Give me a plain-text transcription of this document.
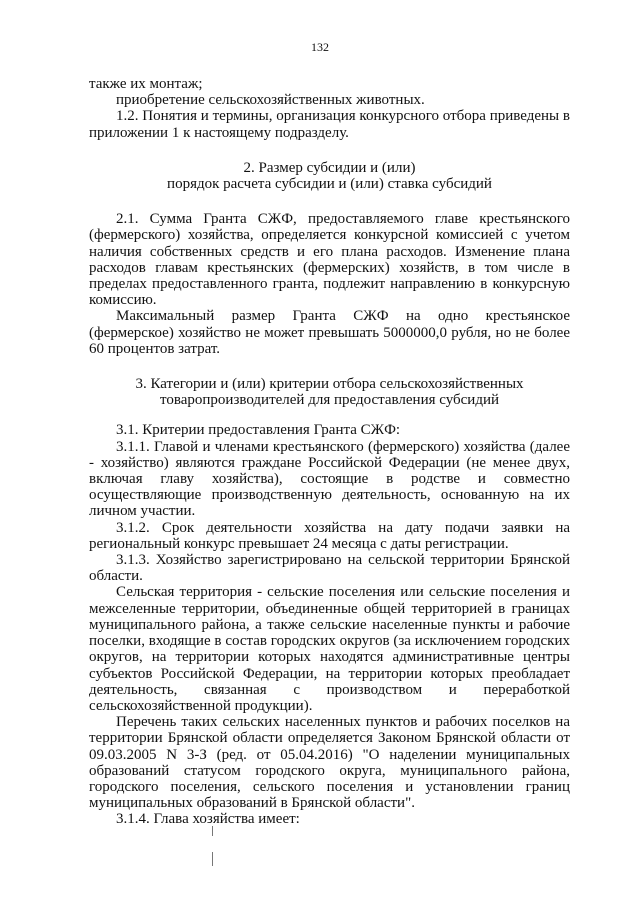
132

также их монтаж;

приобретение сельскохозяйственных животных.

1.2. Понятия и термины, организация конкурсного отбора приведены в приложении 1 к настоящему подразделу.

2. Размер субсидии и (или)
порядок расчета субсидии и (или) ставка субсидий

2.1. Сумма Гранта СЖФ, предоставляемого главе крестьянского (фермерского) хозяйства, определяется конкурсной комиссией с учетом наличия собственных средств и его плана расходов. Изменение плана расходов главам крестьянских (фермерских) хозяйств, в том числе в пределах предоставленного гранта, подлежит направлению в конкурсную комиссию.

Максимальный размер Гранта СЖФ на одно крестьянское (фермерское) хозяйство не может превышать 5000000,0 рубля, но не более 60 процентов затрат.

3. Категории и (или) критерии отбора сельскохозяйственных
товаропроизводителей для предоставления субсидий

3.1. Критерии предоставления Гранта СЖФ:

3.1.1. Главой и членами крестьянского (фермерского) хозяйства (далее - хозяйство) являются граждане Российской Федерации (не менее двух, включая главу хозяйства), состоящие в родстве и совместно осуществляющие производственную деятельность, основанную на их личном участии.

3.1.2. Срок деятельности хозяйства на дату подачи заявки на региональный конкурс превышает 24 месяца с даты регистрации.

3.1.3. Хозяйство зарегистрировано на сельской территории Брянской области.

Сельская территория - сельские поселения или сельские поселения и межселенные территории, объединенные общей территорией в границах муниципального района, а также сельские населенные пункты и рабочие поселки, входящие в состав городских округов (за исключением городских округов, на территории которых находятся административные центры субъектов Российской Федерации, на территории которых преобладает деятельность, связанная с производством и переработкой сельскохозяйственной продукции).

Перечень таких сельских населенных пунктов и рабочих поселков на территории Брянской области определяется Законом Брянской области от 09.03.2005 N 3-З (ред. от 05.04.2016) "О наделении муниципальных образований статусом городского округа, муниципального района, городского поселения, сельского поселения и установлении границ муниципальных образований в Брянской области".

3.1.4. Глава хозяйства имеет:
